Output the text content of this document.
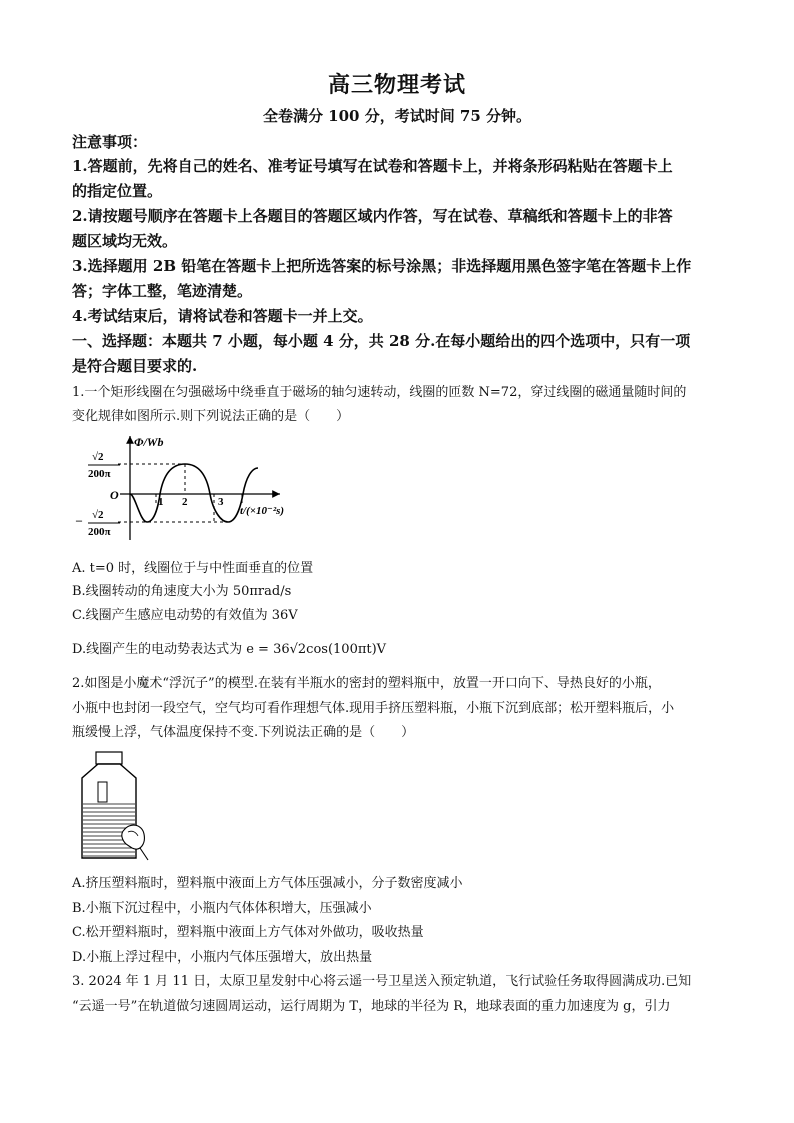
高三物理考试
全卷满分 100 分，考试时间 75 分钟。
注意事项：
1.答题前，先将自己的姓名、准考证号填写在试卷和答题卡上，并将条形码粘贴在答题卡上
的指定位置。
2.请按题号顺序在答题卡上各题目的答题区域内作答，写在试卷、草稿纸和答题卡上的非答
题区域均无效。
3.选择题用 2B 铅笔在答题卡上把所选答案的标号涂黑；非选择题用黑色签字笔在答题卡上作
答；字体工整，笔迹清楚。
4.考试结束后，请将试卷和答题卡一并上交。
一、选择题：本题共 7 小题，每小题 4 分，共 28 分.在每小题给出的四个选项中，只有一项
是符合题目要求的.
1.一个矩形线圈在匀强磁场中绕垂直于磁场的轴匀速转动，线圈的匝数 N=72，穿过线圈的磁通量随时间的
变化规律如图所示.则下列说法正确的是（　　）
Φ/Wb
O
√2
200π
– √2
200π
1 2	3
t/(×10⁻²s)
A. t=0 时，线圈位于与中性面垂直的位置
B.线圈转动的角速度大小为 50πrad/s
C.线圈产生感应电动势的有效值为 36V
D.线圈产生的电动势表达式为 e = 36√2cos(100πt)V
2.如图是小魔术“浮沉子”的模型.在装有半瓶水的密封的塑料瓶中，放置一开口向下、导热良好的小瓶，
小瓶中也封闭一段空气，空气均可看作理想气体.现用手挤压塑料瓶，小瓶下沉到底部；松开塑料瓶后，小
瓶缓慢上浮，气体温度保持不变.下列说法正确的是（　　）
A.挤压塑料瓶时，塑料瓶中液面上方气体压强减小，分子数密度减小
B.小瓶下沉过程中，小瓶内气体体积增大，压强减小
C.松开塑料瓶时，塑料瓶中液面上方气体对外做功，吸收热量
D.小瓶上浮过程中，小瓶内气体压强增大，放出热量
3. 2024 年 1 月 11 日，太原卫星发射中心将云遥一号卫星送入预定轨道，飞行试验任务取得圆满成功.已知
“云遥一号”在轨道做匀速圆周运动，运行周期为 T，地球的半径为 R，地球表面的重力加速度为 g，引力
